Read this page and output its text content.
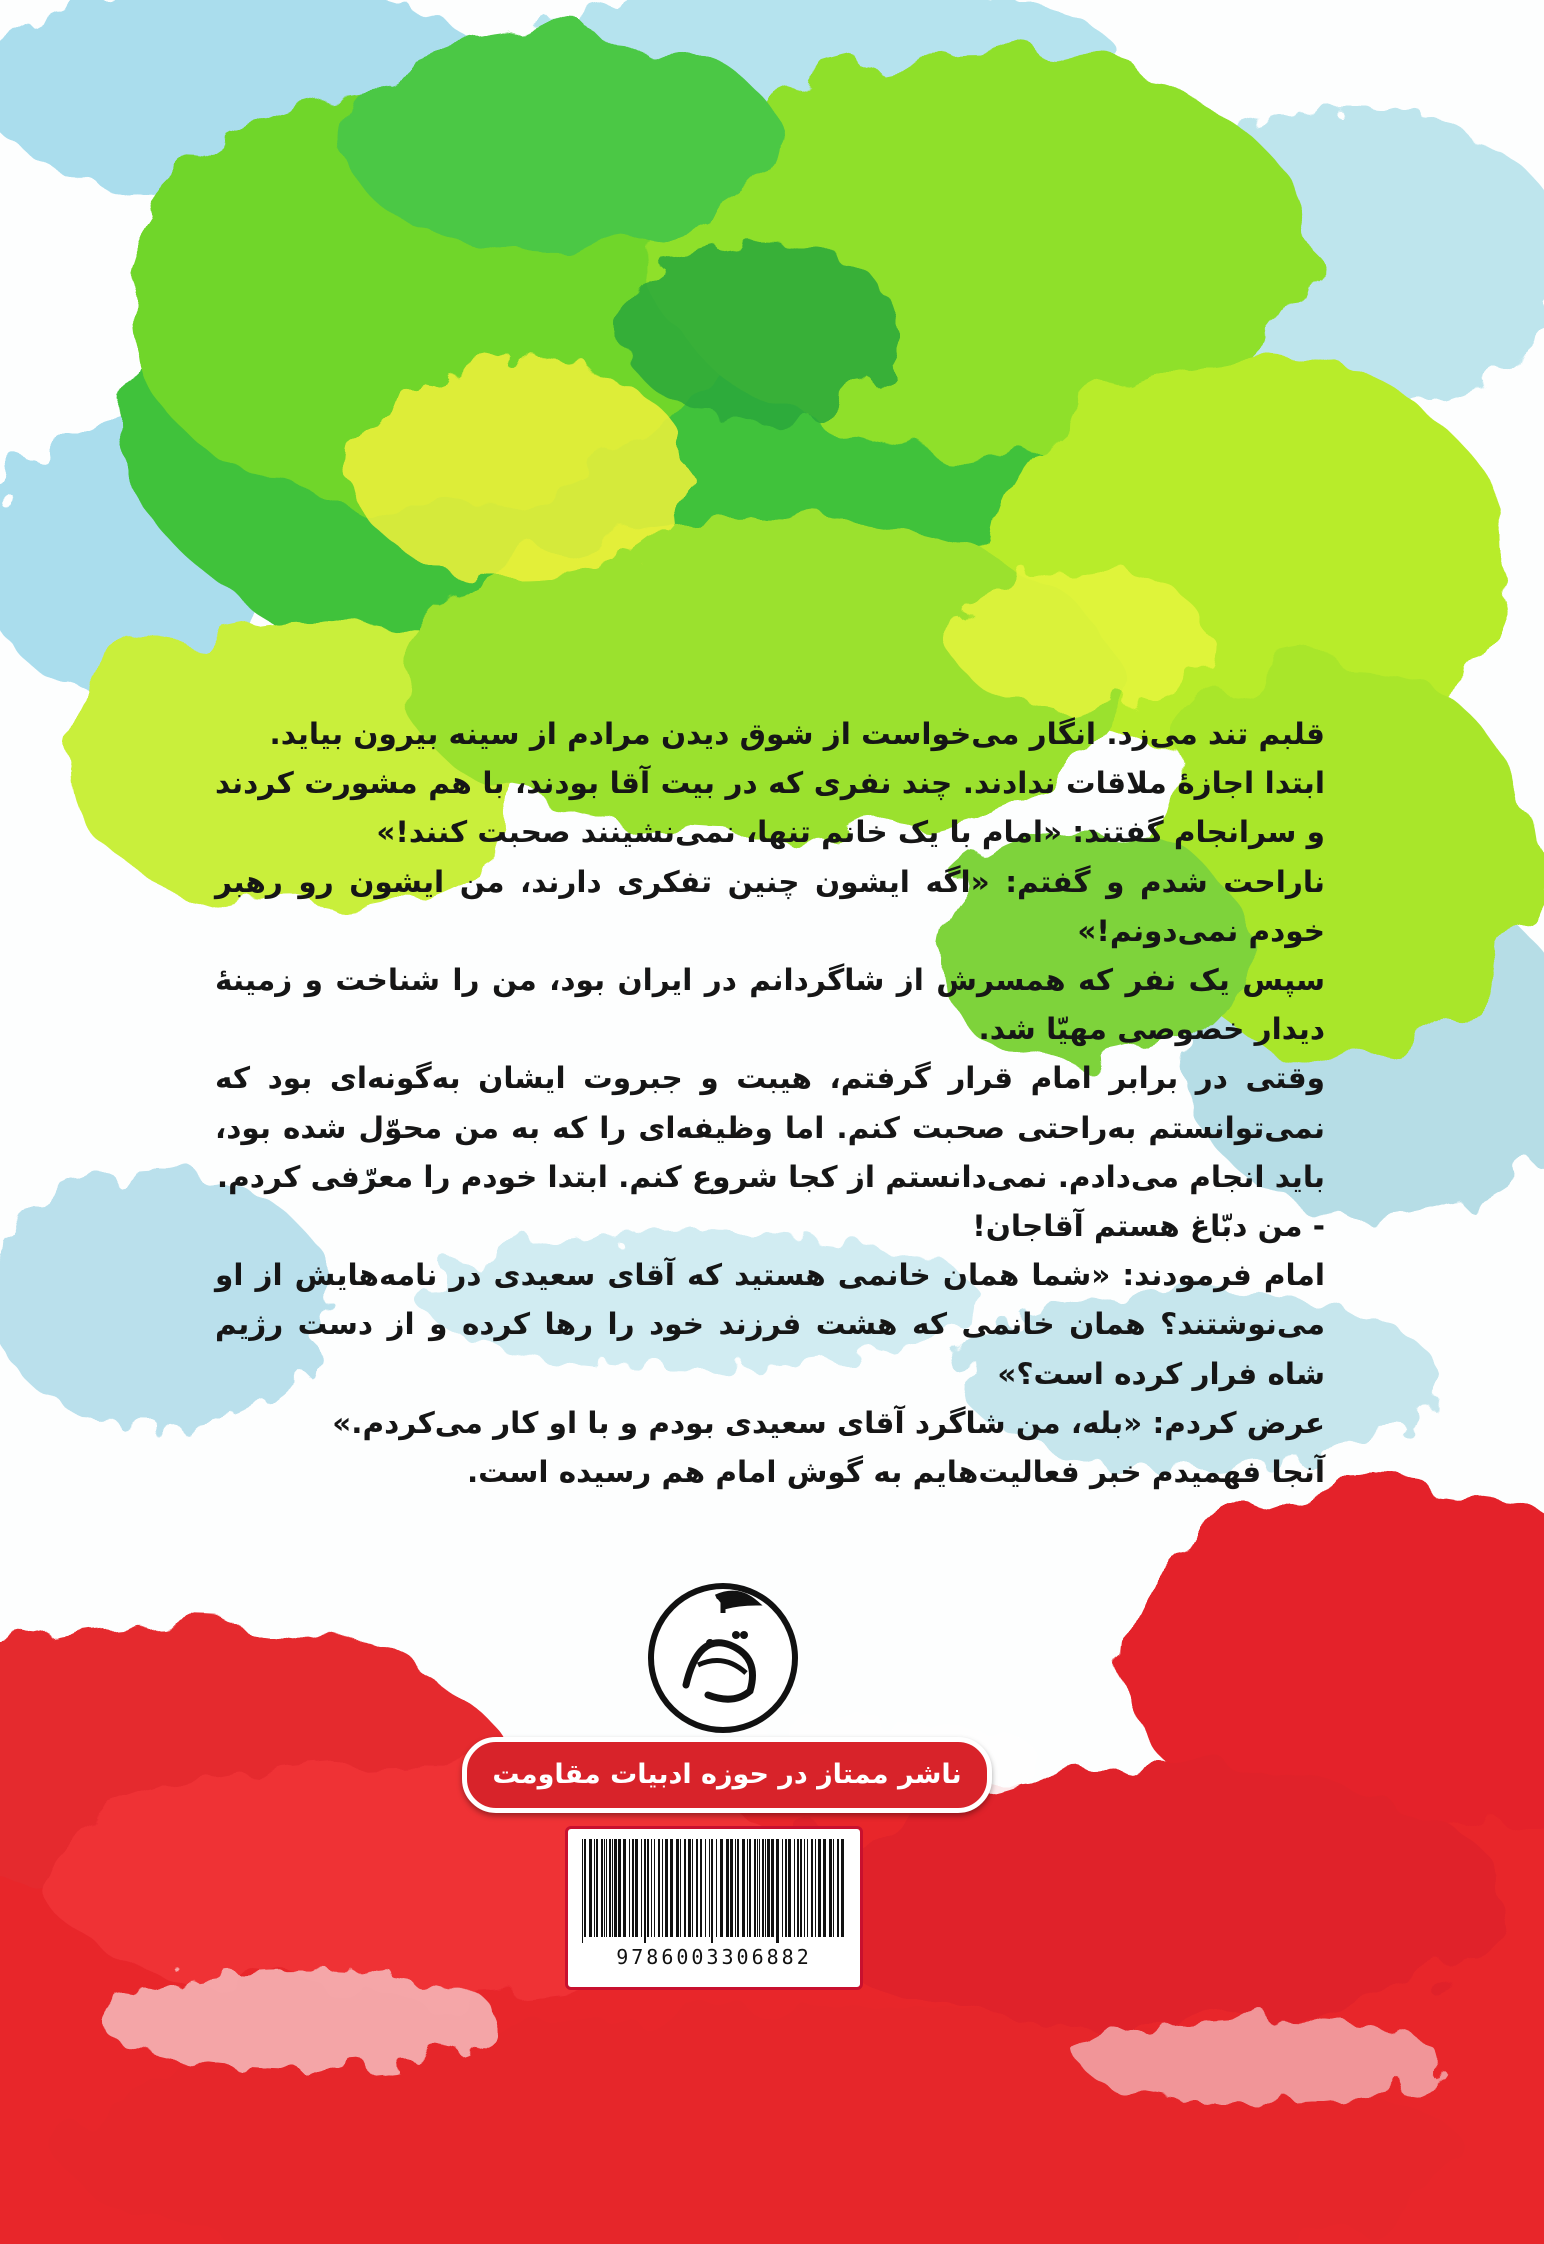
قلبم تند می‌زد. انگار می‌خواست از شوق دیدن مرادم از سینه بیرون بیاید.

ابتدا اجازهٔ ملاقات ندادند. چند نفری که در بیت آقا بودند، با هم مشورت کردند و سرانجام گفتند: «امام با یک خانم تنها، نمی‌نشینند صحبت کنند!»

ناراحت شدم و گفتم: «اگه ایشون چنین تفکری دارند، من ایشون رو رهبر خودم نمی‌دونم!»

سپس یک نفر که همسرش از شاگردانم در ایران بود، من را شناخت و زمینهٔ دیدار خصوصی مهیّا شد.

وقتی در برابر امام قرار گرفتم، هیبت و جبروت ایشان به‌گونه‌ای بود که نمی‌توانستم به‌راحتی صحبت کنم. اما وظیفه‌ای را که به من محوّل شده بود، باید انجام می‌دادم. نمی‌دانستم از کجا شروع کنم. ابتدا خودم را معرّفی کردم.

- من دبّاغ هستم آقاجان!

امام فرمودند: «شما همان خانمی هستید که آقای سعیدی در نامه‌هایش از او می‌نوشتند؟ همان خانمی که هشت فرزند خود را رها کرده و از دست رژیم شاه فرار کرده است؟»

عرض کردم: «بله، من شاگرد آقای سعیدی بودم و با او کار می‌کردم.»

آنجا فهمیدم خبر فعالیت‌هایم به گوش امام هم رسیده است.

ناشر ممتاز در حوزه ادبیات مقاومت
9786003306882
